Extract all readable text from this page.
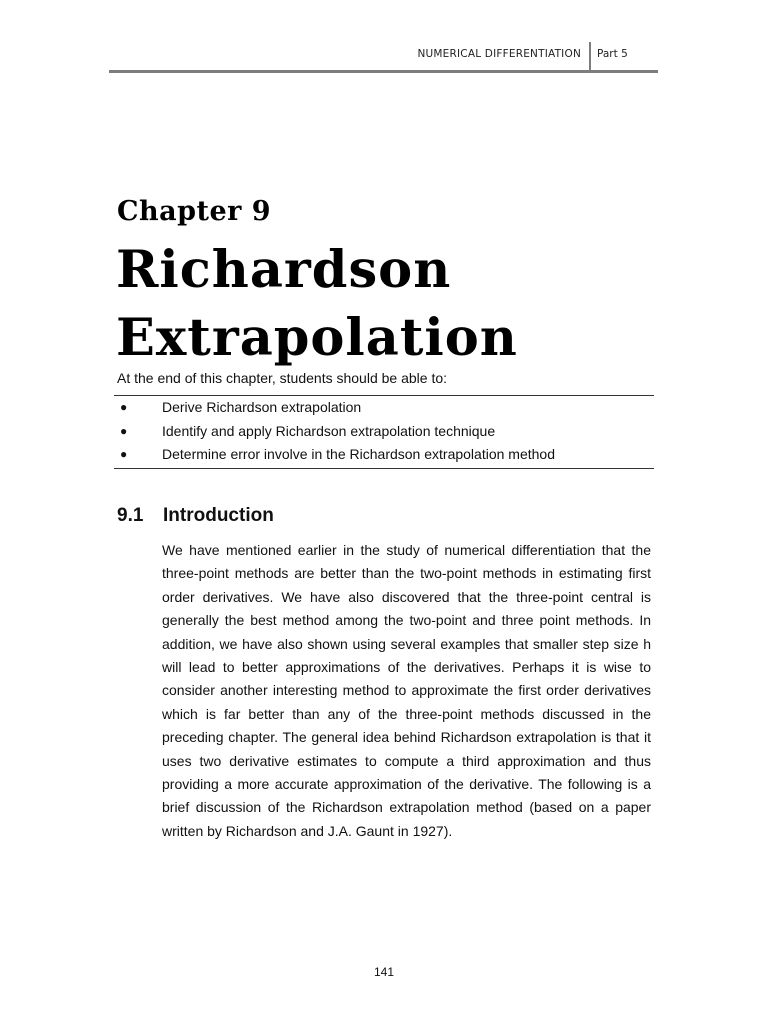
NUMERICAL DIFFERENTIATION Part 5
Chapter 9
Richardson
Extrapolation
At the end of this chapter, students should be able to:
● Derive Richardson extrapolation
● Identify and apply Richardson extrapolation technique
● Determine error involve in the Richardson extrapolation method
9.1 Introduction

We have mentioned earlier in the study of numerical differentiation that the three-point methods are better than the two-point methods in estimating first order derivatives. We have also discovered that the three-point central is generally the best method among the two-point and three point methods. In addition, we have also shown using several examples that smaller step size h will lead to better approximations of the derivatives. Perhaps it is wise to consider another interesting method to approximate the first order derivatives which is far better than any of the three-point methods discussed in the preceding chapter. The general idea behind Richardson extrapolation is that it uses two derivative estimates to compute a third approximation and thus providing a more accurate approximation of the derivative. The following is a brief discussion of the Richardson extrapolation method (based on a paper written by Richardson and J.A. Gaunt in 1927).

141
